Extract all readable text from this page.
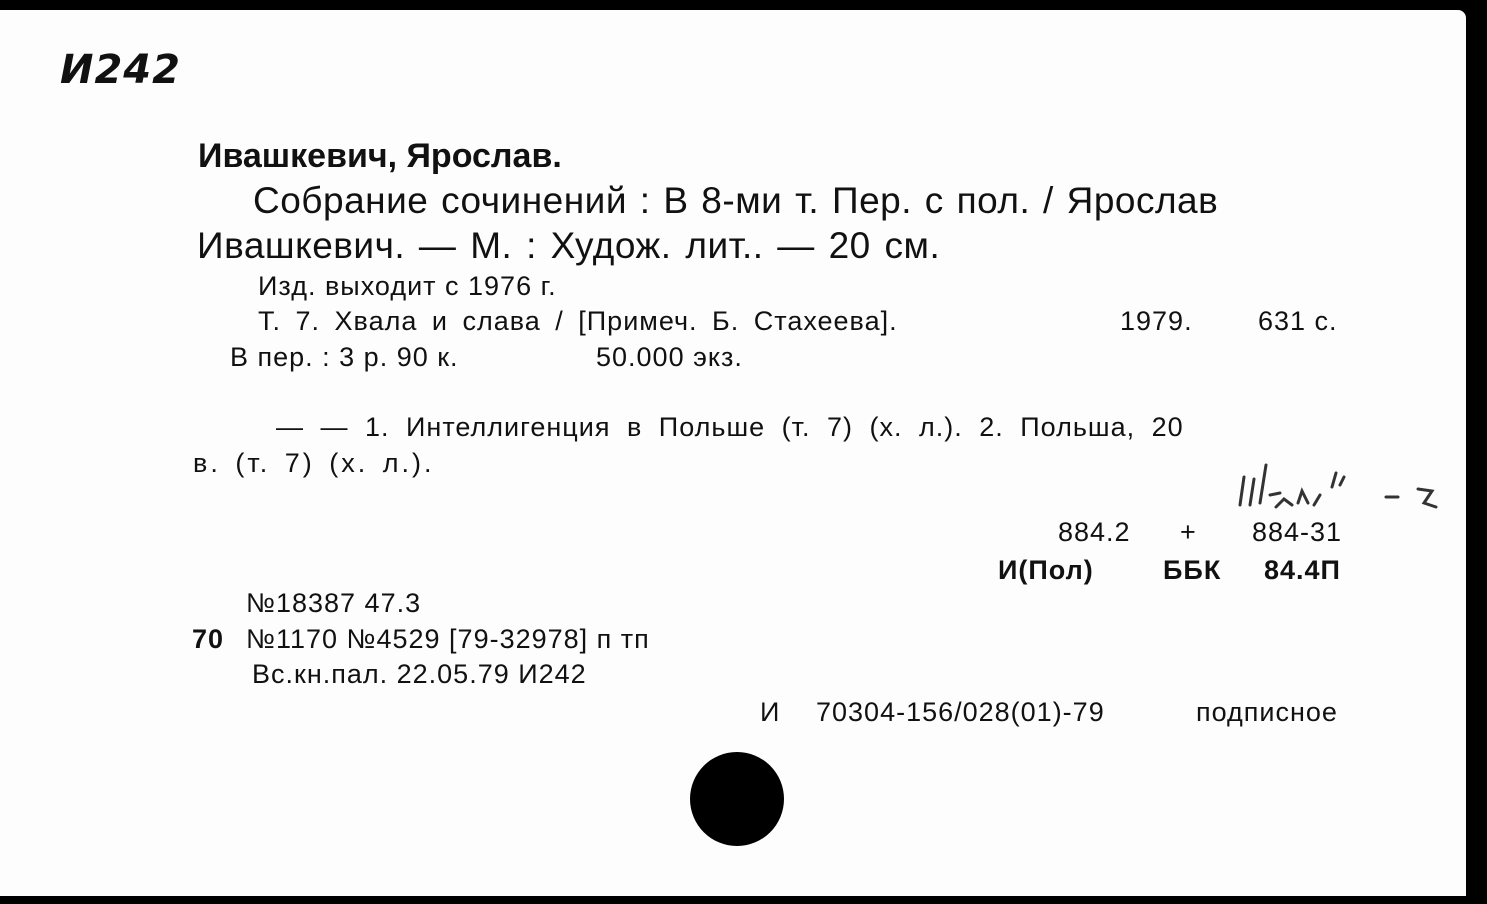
И242
Ивашкевич, Ярослав.
Собрание сочинений : В 8-ми т. Пер. с пол. / Ярослав
Ивашкевич. — М. : Худож. лит.. — 20 см.
Изд. выходит с 1976 г.
Т. 7. Хвала и слава / [Примеч. Б. Стахеева].	1979. 631 с.
В пер. : 3 р. 90 к.	50.000 экз.
— — 1. Интеллигенция в Польше (т. 7) (х. л.). 2. Польша, 20
в. (т. 7) (х. л.).
884.2 + 884-31
И(Пол)	ББК 84.4П
№18387 47.3
70 №1170 №4529 [79-32978] п тп
Вс.кн.пал. 22.05.79 И242
И 70304-156/028(01)-79	подписное
